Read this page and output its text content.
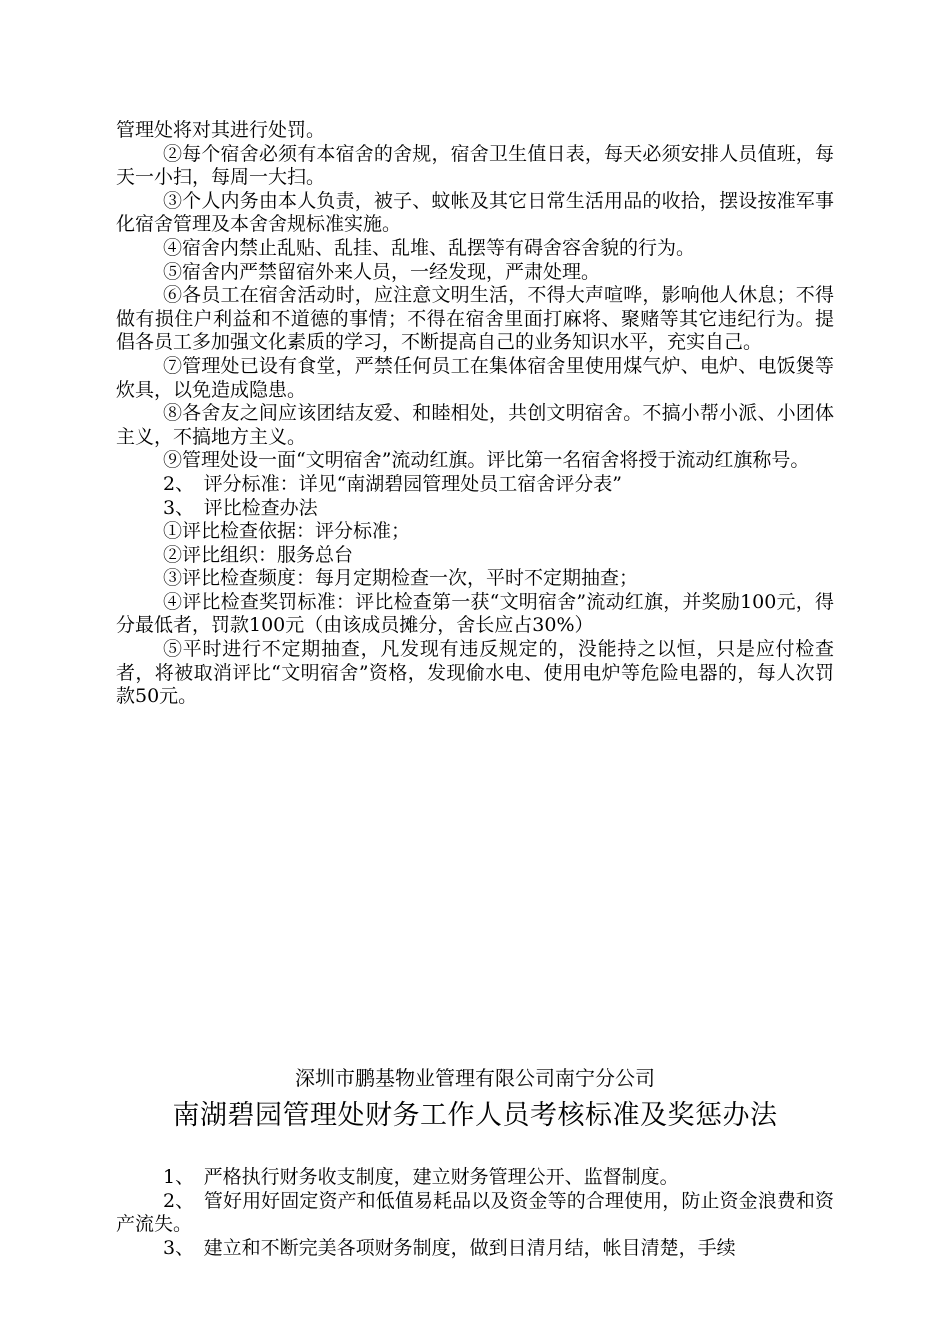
管理处将对其进行处罚。

②每个宿舍必须有本宿舍的舍规，宿舍卫生值日表，每天必须安排人员值班，每天一小扫，每周一大扫。

③个人内务由本人负责，被子、蚊帐及其它日常生活用品的收拾，摆设按准军事化宿舍管理及本舍舍规标准实施。

④宿舍内禁止乱贴、乱挂、乱堆、乱摆等有碍舍容舍貌的行为。

⑤宿舍内严禁留宿外来人员，一经发现，严肃处理。

⑥各员工在宿舍活动时，应注意文明生活，不得大声喧哗，影响他人休息；不得做有损住户利益和不道德的事情；不得在宿舍里面打麻将、聚赌等其它违纪行为。提倡各员工多加强文化素质的学习，不断提高自己的业务知识水平，充实自己。

⑦管理处已设有食堂，严禁任何员工在集体宿舍里使用煤气炉、电炉、电饭煲等炊具，以免造成隐患。

⑧各舍友之间应该团结友爱、和睦相处，共创文明宿舍。不搞小帮小派、小团体主义，不搞地方主义。

⑨管理处设一面“文明宿舍”流动红旗。评比第一名宿舍将授于流动红旗称号。

2、　评分标准：详见“南湖碧园管理处员工宿舍评分表”

3、　评比检查办法

①评比检查依据：评分标准；

②评比组织：服务总台

③评比检查频度：每月定期检查一次，平时不定期抽查；

④评比检查奖罚标准：评比检查第一获“文明宿舍”流动红旗，并奖励100元，得分最低者，罚款100元（由该成员摊分，舍长应占30%）

⑤平时进行不定期抽查，凡发现有违反规定的，没能持之以恒，只是应付检查者，将被取消评比“文明宿舍”资格，发现偷水电、使用电炉等危险电器的，每人次罚款50元。

深圳市鹏基物业管理有限公司南宁分公司
南湖碧园管理处财务工作人员考核标准及奖惩办法

1、　严格执行财务收支制度，建立财务管理公开、监督制度。

2、　管好用好固定资产和低值易耗品以及资金等的合理使用，防止资金浪费和资产流失。

3、　建立和不断完美各项财务制度，做到日清月结，帐目清楚，手续
